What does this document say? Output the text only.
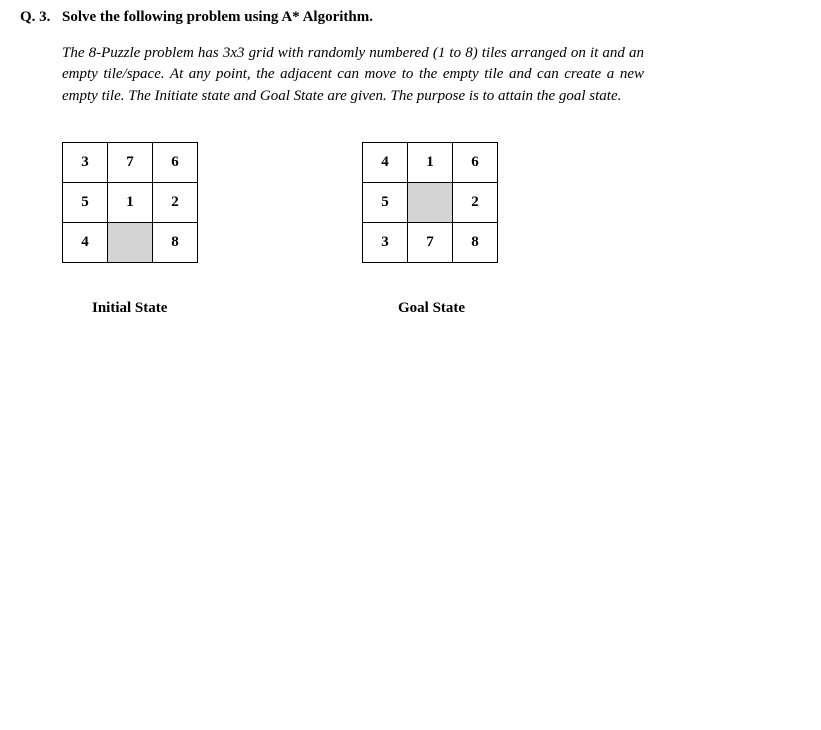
Q. 3. Solve the following problem using A* Algorithm.
The 8-Puzzle problem has 3x3 grid with randomly numbered (1 to 8) tiles arranged on it and an empty tile/space. At any point, the adjacent can move to the empty tile and can create a new empty tile. The Initiate state and Goal State are given. The purpose is to attain the goal state.
3	7	6
5	1	2
4		8
4	1	6
5		2
3	7	8
Initial State	Goal State
